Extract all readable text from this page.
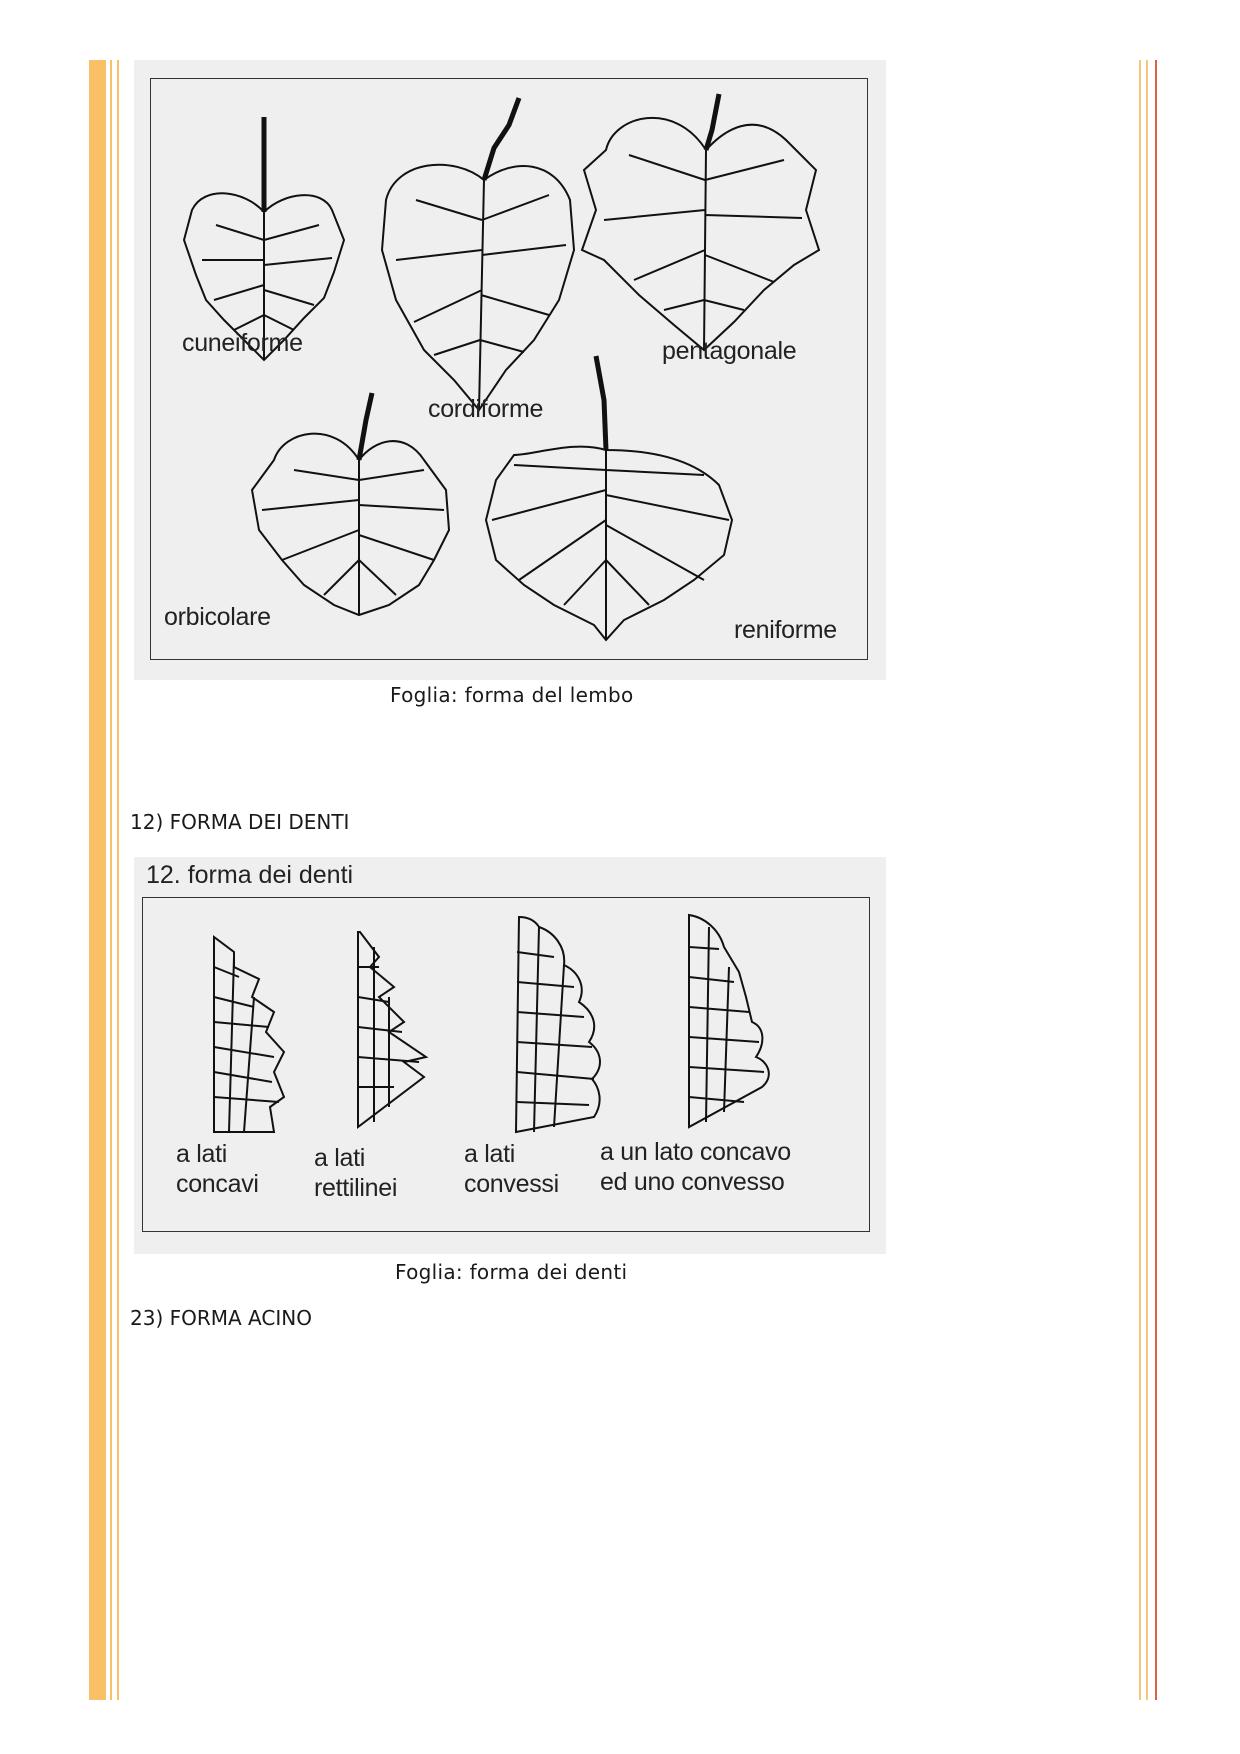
cuneiforme
cordiforme
pentagonale
orbicolare	reniforme
Foglia: forma del lembo
12) FORMA DEI DENTI
12. forma dei denti
a lati
concavi
a lati
rettilinei
a lati
convessi
a un lato concavo
ed uno convesso
Foglia: forma dei denti
23) FORMA ACINO
